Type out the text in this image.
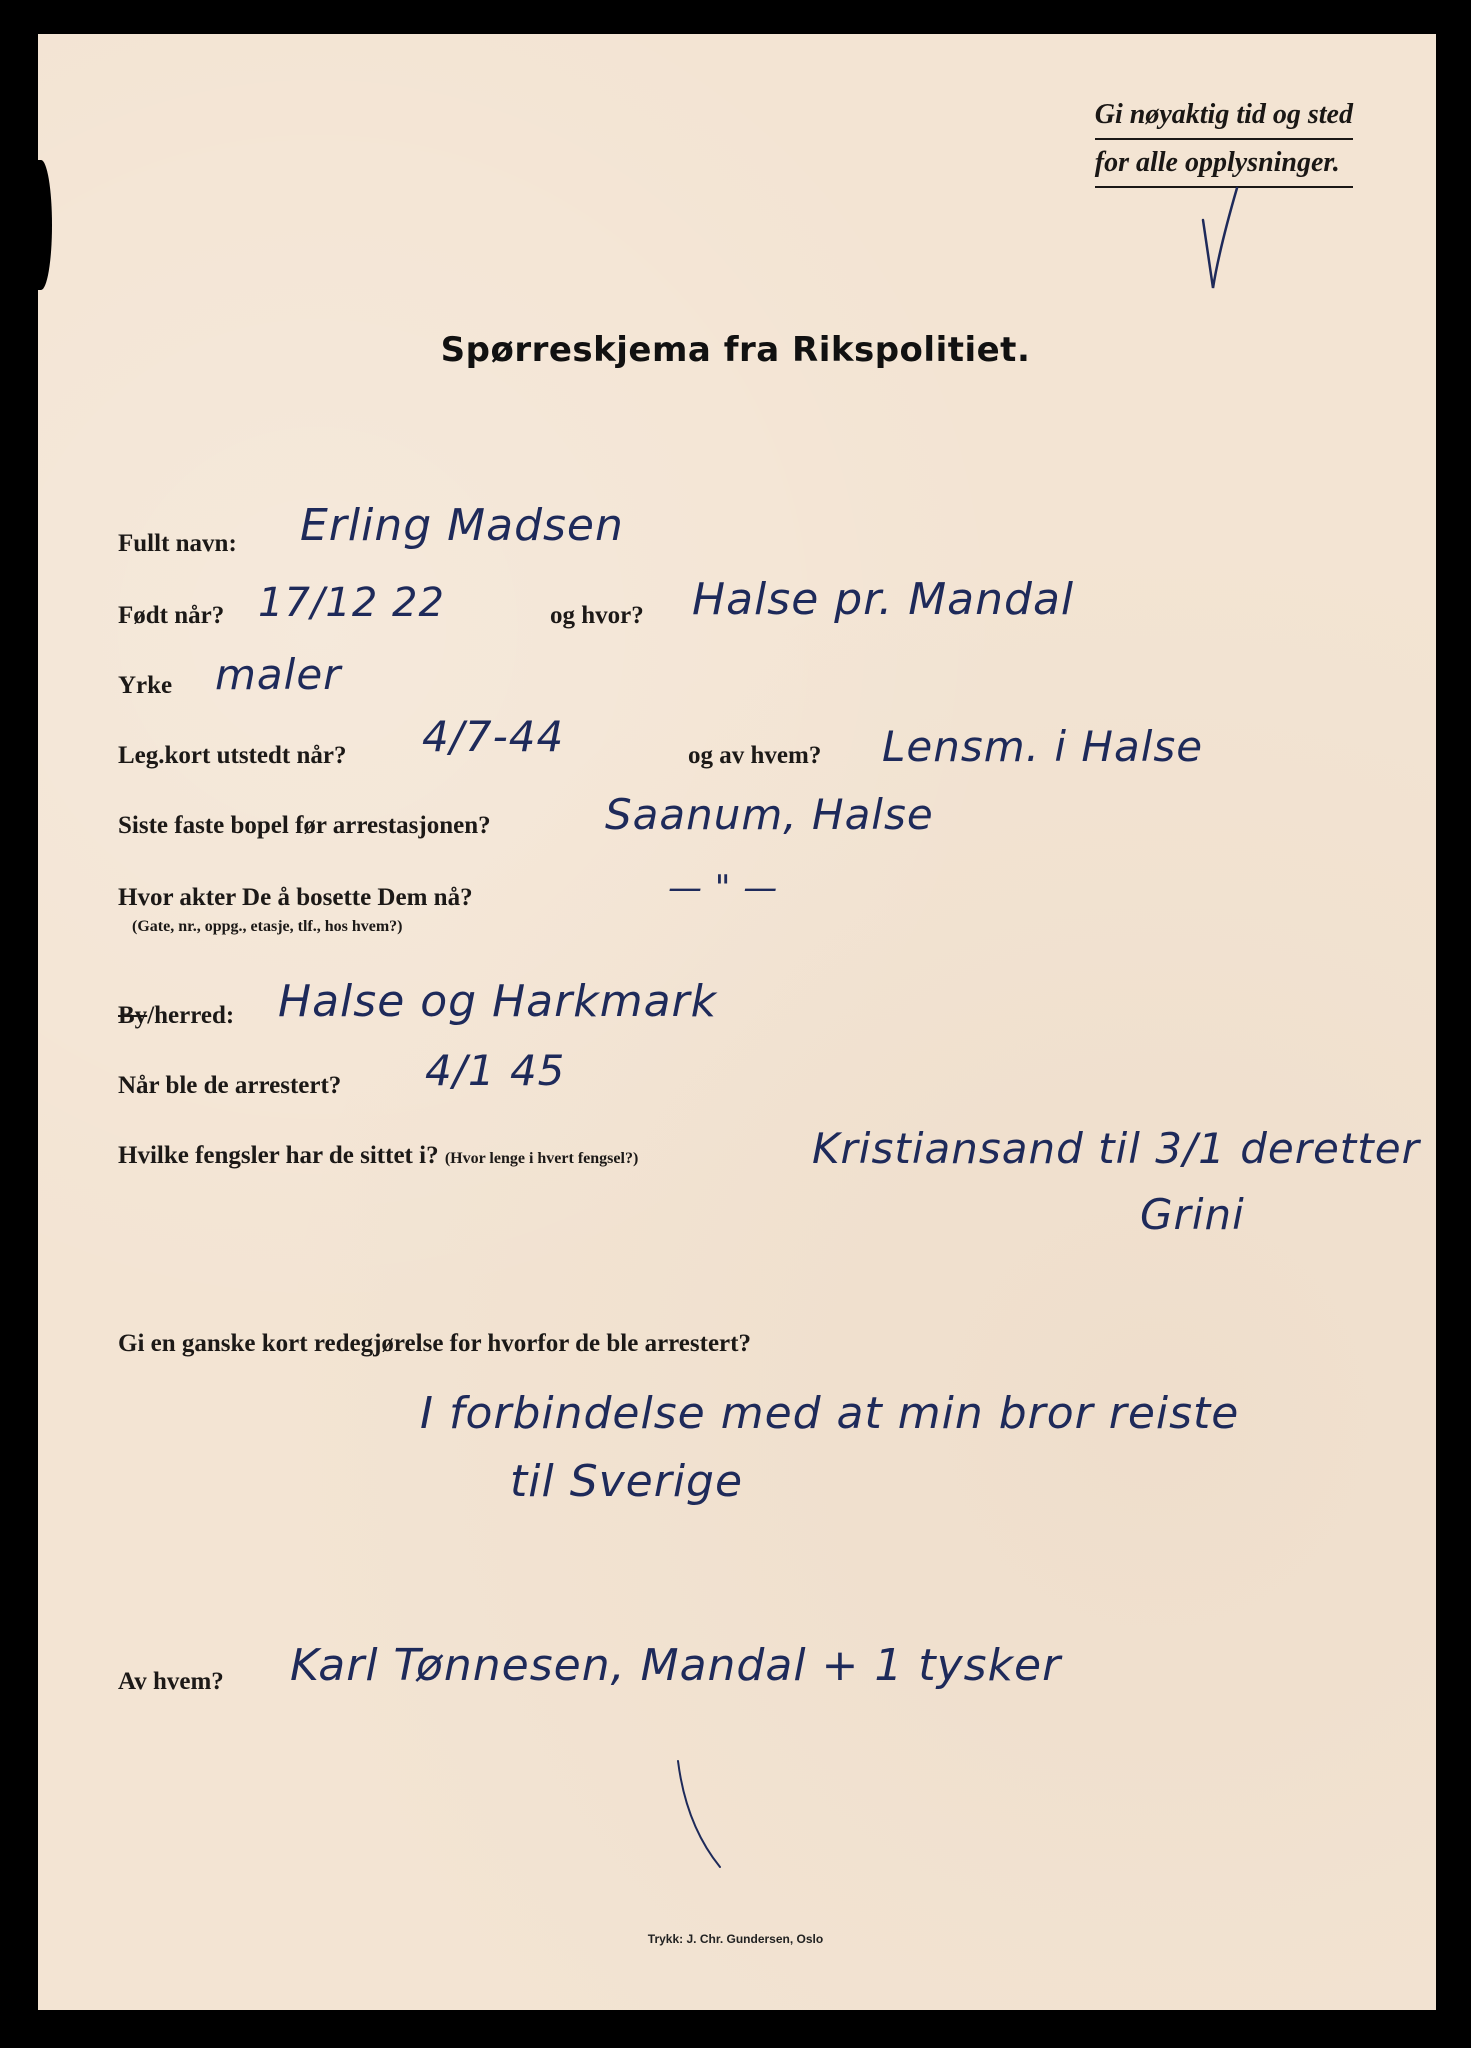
Gi nøyaktig tid og sted
for alle opplysninger.
Spørreskjema fra Rikspolitiet.
Fullt navn: Erling Madsen
Født når? 17/12 22	og hvor? Halse pr. Mandal
Yrke maler
Leg.kort utstedt når? 4/7-44	og av hvem? Lensm. i Halse
Siste faste bopel før arrestasjonen?	Saanum, Halse
Hvor akter De å bosette Dem nå?
(Gate, nr., oppg., etasje, tlf., hos hvem?)
— " —
By/herred: Halse og Harkmark
Når ble de arrestert? 4/1 45
Hvilke fengsler har de sittet i? (Hvor lenge i hvert fengsel?)	Kristiansand til 3/1 deretter
Grini
Gi en ganske kort redegjørelse for hvorfor de ble arrestert?
I forbindelse med at min bror reiste
til Sverige
Av hvem? Karl Tønnesen, Mandal + 1 tysker
Trykk: J. Chr. Gundersen, Oslo
